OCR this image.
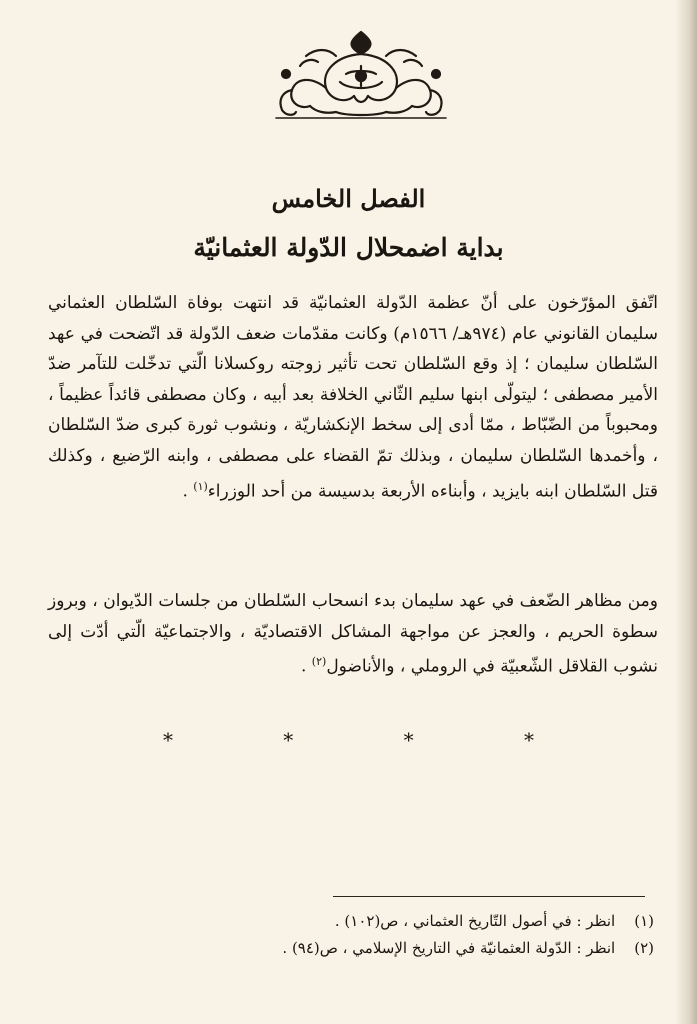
الفصل الخامس
بداية اضمحلال الدّولة العثمانيّة
اتّفق المؤرّخون على أنّ عظمة الدّولة العثمانيّة قد انتهت بوفاة السّلطان العثماني سليمان القانوني عام (٩٧٤هـ/ ١٥٦٦م) وكانت مقدّمات ضعف الدّولة قد اتّضحت في عهد السّلطان سليمان ؛ إذ وقع السّلطان تحت تأثير زوجته روكسلانا الّتي تدخّلت للتآمر ضدّ الأمير مصطفى ؛ ليتولّى ابنها سليم الثّاني الخلافة بعد أبيه ، وكان مصطفى قائداً عظيماً ، ومحبوباً من الضّبّاط ، ممّا أدى إلى سخط الإنكشاريّة ، ونشوب ثورة كبرى ضدّ السّلطان ، وأخمدها السّلطان سليمان ، وبذلك تمّ القضاء على مصطفى ، وابنه الرّضيع ، وكذلك قتل السّلطان ابنه بايزيد ، وأبناءه الأربعة بدسيسة من أحد الوزراء$^{(١)}$ .
ومن مظاهر الضّعف في عهد سليمان بدء انسحاب السّلطان من جلسات الدّيوان ، وبروز سطوة الحريم ، والعجز عن مواجهة المشاكل الاقتصاديّة ، والاجتماعيّة الّتي أدّت إلى نشوب القلاقل الشّعبيّة في الروملي ، والأناضول$^{(٢)}$ .
* * * *
(١) انظر : في أصول التّاريخ العثماني ، ص(١٠٢) .
(٢) انظر : الدّولة العثمانيّة في التاريخ الإسلامي ، ص(٩٤) .
